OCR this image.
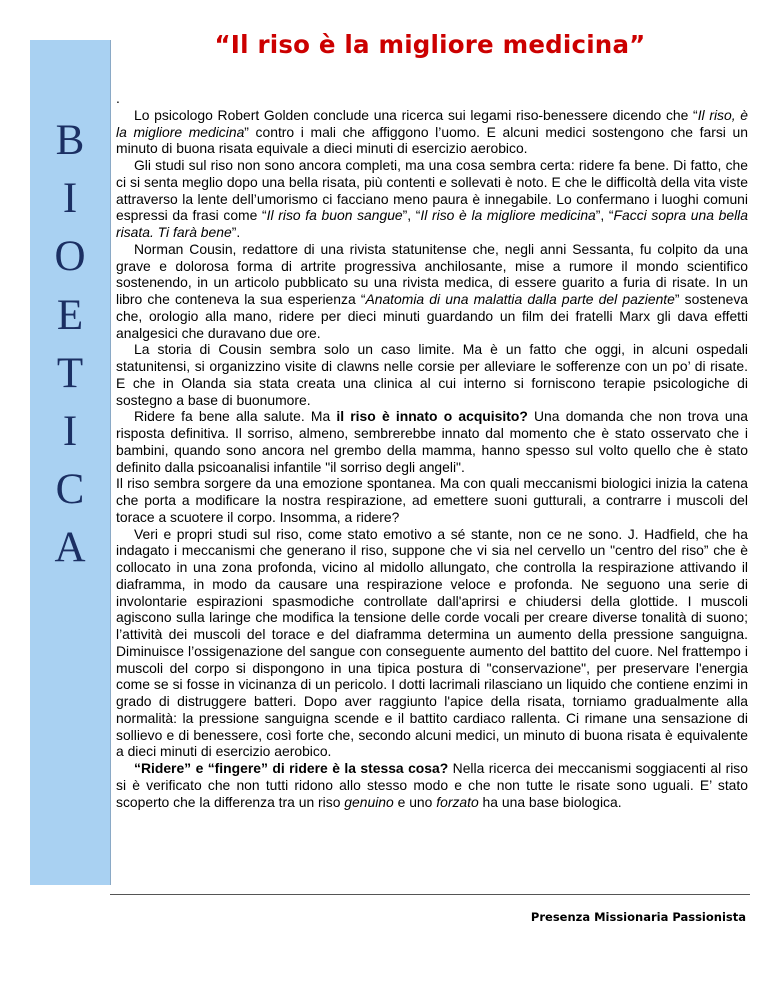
B
I
O
E
T
I
C
A
“Il riso è la migliore medicina”

.

Lo psicologo Robert Golden conclude una ricerca sui legami riso-benessere dicendo che “Il riso, è la migliore medicina” contro i mali che affiggono l’uomo. E alcuni medici sostengono che farsi un minuto di buona risata equivale a dieci minuti di esercizio aerobico.

Gli studi sul riso non sono ancora completi, ma una cosa sembra certa: ridere fa bene. Di fatto, che ci si senta meglio dopo una bella risata, più contenti e sollevati è noto. E che le difficoltà della vita viste attraverso la lente dell’umorismo ci facciano meno paura è innegabile. Lo confermano i luoghi comuni espressi da frasi come “Il riso fa buon sangue”, “Il riso è la migliore medicina”, “Facci sopra una bella risata. Ti farà bene”.

Norman Cousin, redattore di una rivista statunitense che, negli anni Sessanta, fu colpito da una grave e dolorosa forma di artrite progressiva anchilosante, mise a rumore il mondo scientifico sostenendo, in un articolo pubblicato su una rivista medica, di essere guarito a furia di risate. In un libro che conteneva la sua esperienza “Anatomia di una malattia dalla parte del paziente” sosteneva che, orologio alla mano, ridere per dieci minuti guardando un film dei fratelli Marx gli dava effetti analgesici che duravano due ore.

La storia di Cousin sembra solo un caso limite. Ma è un fatto che oggi, in alcuni ospedali statunitensi, si organizzino visite di clawns nelle corsie per alleviare le sofferenze con un po’ di risate. E che in Olanda sia stata creata una clinica al cui interno si forniscono terapie psicologiche di sostegno a base di buonumore.

Ridere fa bene alla salute. Ma il riso è innato o acquisito? Una domanda che non trova una risposta definitiva. Il sorriso, almeno, sembrerebbe innato dal momento che è stato osservato che i bambini, quando sono ancora nel grembo della mamma, hanno spesso sul volto quello che è stato definito dalla psicoanalisi infantile "il sorriso degli angeli".

Il riso sembra sorgere da una emozione spontanea. Ma con quali meccanismi biologici inizia la catena che porta a modificare la nostra respirazione, ad emettere suoni gutturali, a contrarre i muscoli del torace a scuotere il corpo. Insomma, a ridere?

Veri e propri studi sul riso, come stato emotivo a sé stante, non ce ne sono. J. Hadfield, che ha indagato i meccanismi che generano il riso, suppone che vi sia nel cervello un "centro del riso” che è collocato in una zona profonda, vicino al midollo allungato, che controlla la respirazione attivando il diaframma, in modo da causare una respirazione veloce e profonda. Ne seguono una serie di involontarie espirazioni spasmodiche controllate dall'aprirsi e chiudersi della glottide. I muscoli agiscono sulla laringe che modifica la tensione delle corde vocali per creare diverse tonalità di suono; l’attività dei muscoli del torace e del diaframma determina un aumento della pressione sanguigna. Diminuisce l’ossigenazione del sangue con conseguente aumento del battito del cuore. Nel frattempo i muscoli del corpo si dispongono in una tipica postura di "conservazione", per preservare l'energia come se si fosse in vicinanza di un pericolo. I dotti lacrimali rilasciano un liquido che contiene enzimi in grado di distruggere batteri. Dopo aver raggiunto l'apice della risata, torniamo gradualmente alla normalità: la pressione sanguigna scende e il battito cardiaco rallenta. Ci rimane una sensazione di sollievo e di benessere, così forte che, secondo alcuni medici, un minuto di buona risata è equivalente a dieci minuti di esercizio aerobico.

“Ridere” e “fingere” di ridere è la stessa cosa? Nella ricerca dei meccanismi soggiacenti al riso si è verificato che non tutti ridono allo stesso modo e che non tutte le risate sono uguali. E’ stato scoperto che la differenza tra un riso genuino e uno forzato ha una base biologica.

Presenza Missionaria Passionista
